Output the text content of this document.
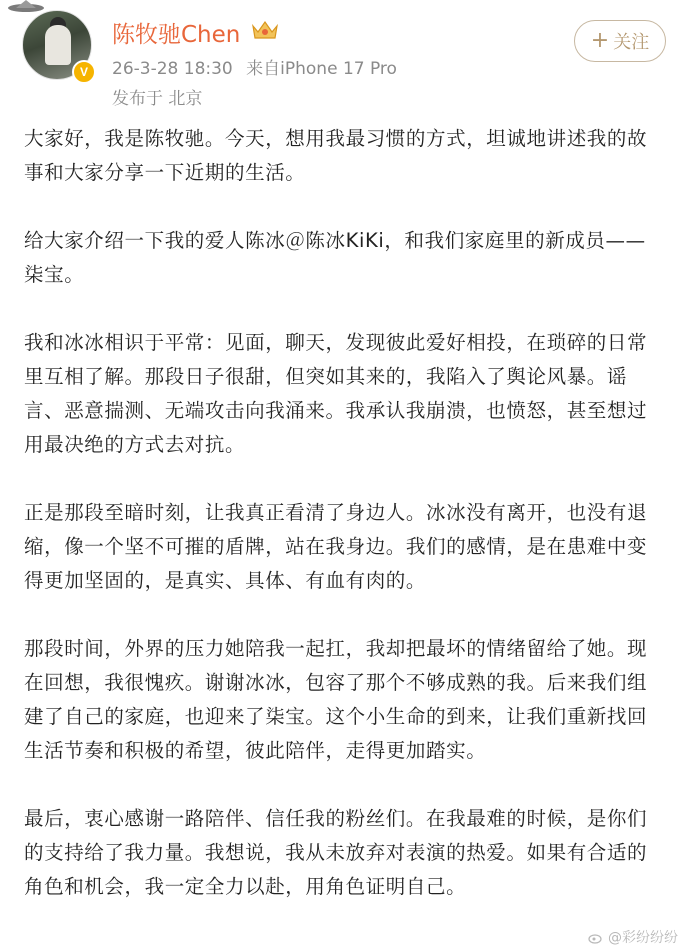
V
陈牧驰Chen
26-3-28 18:30 来自iPhone 17 Pro
发布于 北京
+ 关注

大家好，我是陈牧驰。今天，想用我最习惯的方式，坦诚地讲述我的故事和大家分享一下近期的生活。

给大家介绍一下我的爱人陈冰＠陈冰KiKi，和我们家庭里的新成员——柒宝。

我和冰冰相识于平常：见面，聊天，发现彼此爱好相投，在琐碎的日常里互相了解。那段日子很甜，但突如其来的，我陷入了舆论风暴。谣言、恶意揣测、无端攻击向我涌来。我承认我崩溃，也愤怒，甚至想过用最决绝的方式去对抗。

正是那段至暗时刻，让我真正看清了身边人。冰冰没有离开，也没有退缩，像一个坚不可摧的盾牌，站在我身边。我们的感情，是在患难中变得更加坚固的，是真实、具体、有血有肉的。

那段时间，外界的压力她陪我一起扛，我却把最坏的情绪留给了她。现在回想，我很愧疚。谢谢冰冰，包容了那个不够成熟的我。后来我们组建了自己的家庭，也迎来了柒宝。这个小生命的到来，让我们重新找回生活节奏和积极的希望，彼此陪伴，走得更加踏实。

最后，衷心感谢一路陪伴、信任我的粉丝们。在我最难的时候，是你们的支持给了我力量。我想说，我从未放弃对表演的热爱。如果有合适的角色和机会，我一定全力以赴，用角色证明自己。

@彩纷纷纷
